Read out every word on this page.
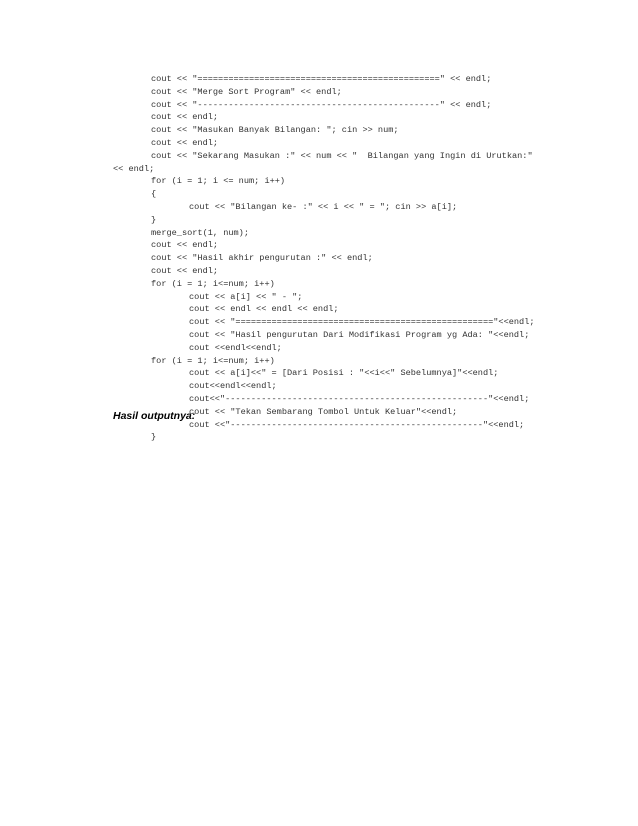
cout << "===============================================" << endl;
cout << "Merge Sort Program" << endl;
cout << "-----------------------------------------------" << endl;
cout << endl;
cout << "Masukan Banyak Bilangan: "; cin >> num;
cout << endl;
cout << "Sekarang Masukan :" << num << "  Bilangan yang Ingin di Urutkan:"
<< endl;
for (i = 1; i <= num; i++)
{
cout << "Bilangan ke- :" << i << " = "; cin >> a[i];
}
merge_sort(1, num);
cout << endl;
cout << "Hasil akhir pengurutan :" << endl;
cout << endl;
for (i = 1; i<=num; i++)
cout << a[i] << " - ";
cout << endl << endl << endl;
cout << "=================================================="<<endl;
cout << "Hasil pengurutan Dari Modifikasi Program yg Ada: "<<endl;
cout <<endl<<endl;
for (i = 1; i<=num; i++)
cout << a[i]<<" = [Dari Posisi : "<<i<<" Sebelumnya]"<<endl;
cout<<endl<<endl;
cout<<"---------------------------------------------------"<<endl;
cout << "Tekan Sembarang Tombol Untuk Keluar"<<endl;
cout <<"-------------------------------------------------"<<endl;
}
Hasil outputnya:
